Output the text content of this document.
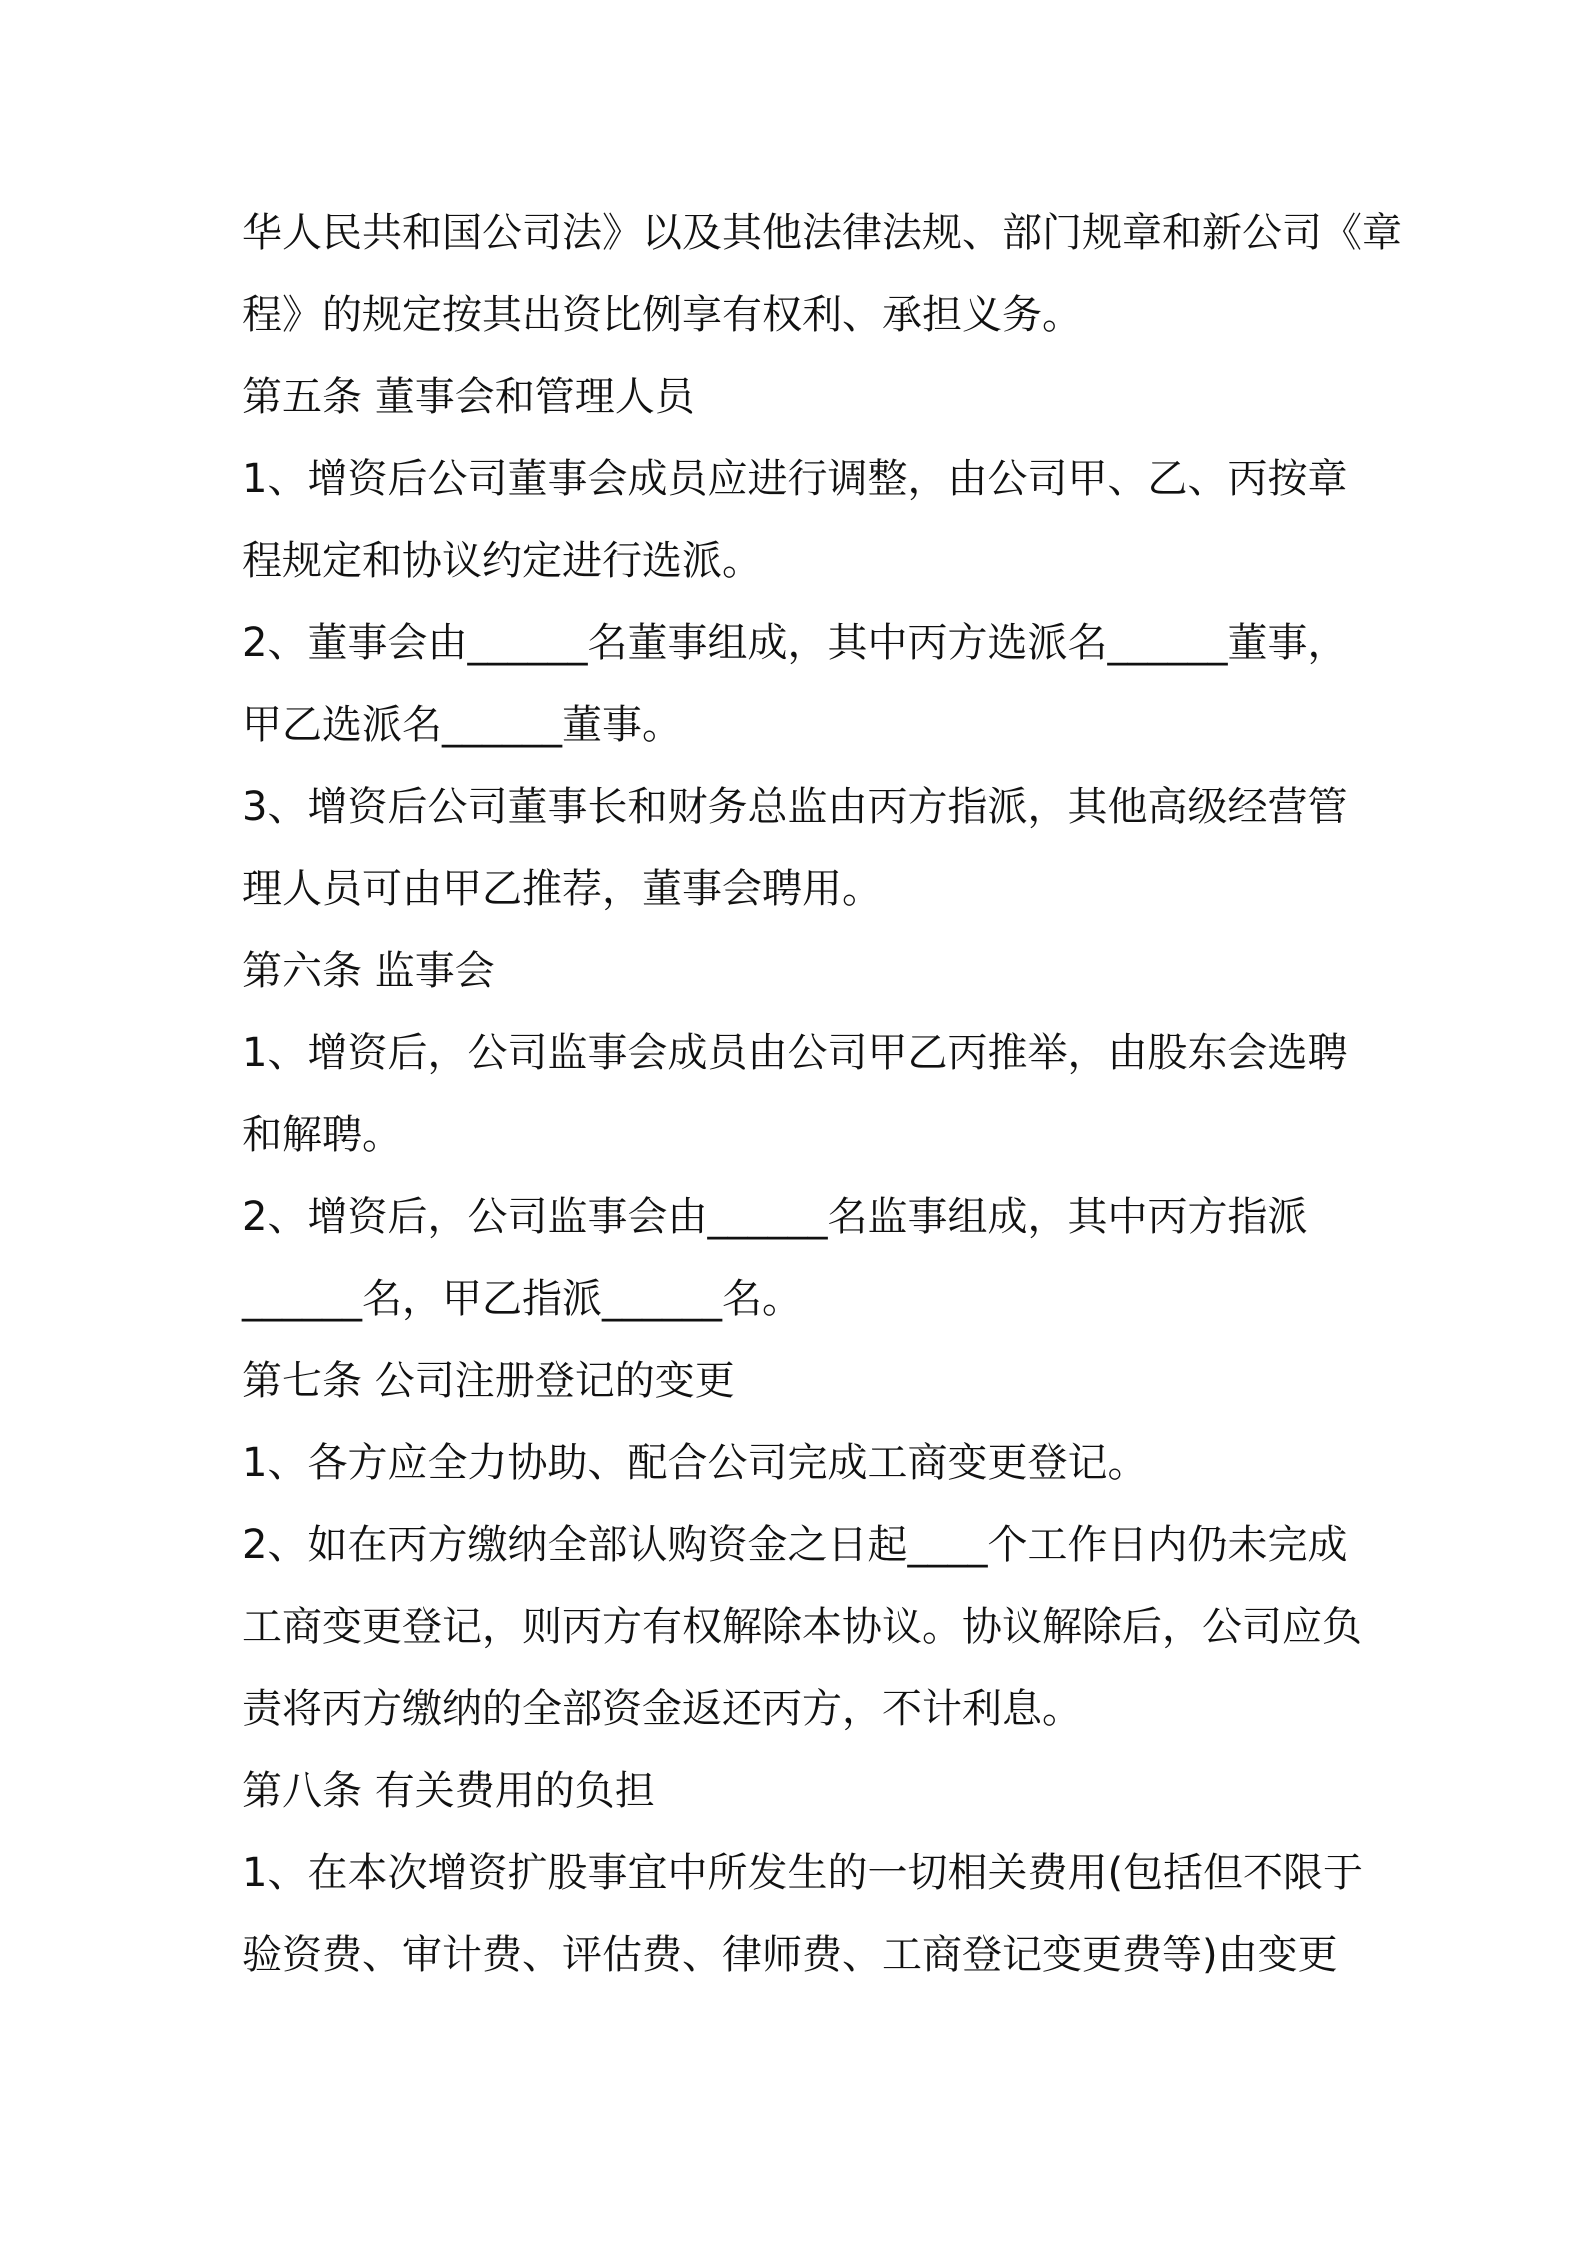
华人民共和国公司法》以及其他法律法规、部门规章和新公司《章
程》的规定按其出资比例享有权利、承担义务。
第五条 董事会和管理人员
1、增资后公司董事会成员应进行调整，由公司甲、乙、丙按章
程规定和协议约定进行选派。
2、董事会由______名董事组成，其中丙方选派名______董事，
甲乙选派名______董事。
3、增资后公司董事长和财务总监由丙方指派，其他高级经营管
理人员可由甲乙推荐，董事会聘用。
第六条 监事会
1、增资后，公司监事会成员由公司甲乙丙推举，由股东会选聘
和解聘。
2、增资后，公司监事会由______名监事组成，其中丙方指派
______名，甲乙指派______名。
第七条 公司注册登记的变更
1、各方应全力协助、配合公司完成工商变更登记。
2、如在丙方缴纳全部认购资金之日起____个工作日内仍未完成
工商变更登记，则丙方有权解除本协议。协议解除后，公司应负
责将丙方缴纳的全部资金返还丙方，不计利息。
第八条 有关费用的负担
1、在本次增资扩股事宜中所发生的一切相关费用(包括但不限于
验资费、审计费、评估费、律师费、工商登记变更费等)由变更
